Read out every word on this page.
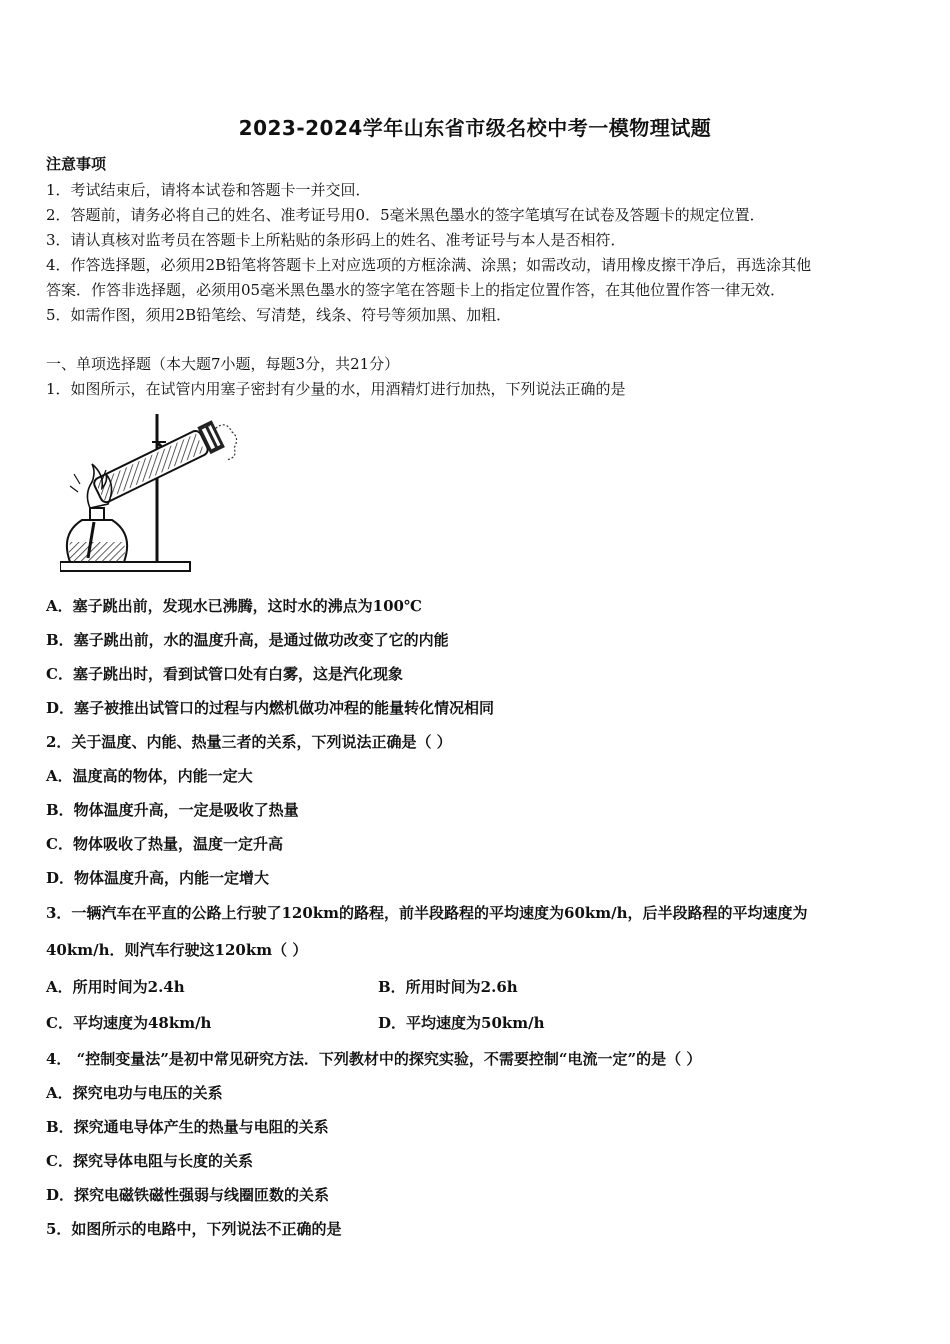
2023-2024学年山东省市级名校中考一模物理试题
注意事项
1．考试结束后，请将本试卷和答题卡一并交回．
2．答题前，请务必将自己的姓名、准考证号用0．5毫米黑色墨水的签字笔填写在试卷及答题卡的规定位置．
3．请认真核对监考员在答题卡上所粘贴的条形码上的姓名、准考证号与本人是否相符．
4．作答选择题，必须用2B铅笔将答题卡上对应选项的方框涂满、涂黑；如需改动，请用橡皮擦干净后，再选涂其他
答案．作答非选择题，必须用05毫米黑色墨水的签字笔在答题卡上的指定位置作答，在其他位置作答一律无效．
5．如需作图，须用2B铅笔绘、写清楚，线条、符号等须加黑、加粗．
一、单项选择题（本大题7小题，每题3分，共21分）
1．如图所示，在试管内用塞子密封有少量的水，用酒精灯进行加热，下列说法正确的是
A．塞子跳出前，发现水已沸腾，这时水的沸点为100℃
B．塞子跳出前，水的温度升高，是通过做功改变了它的内能
C．塞子跳出时，看到试管口处有白雾，这是汽化现象
D．塞子被推出试管口的过程与内燃机做功冲程的能量转化情况相同
2．关于温度、内能、热量三者的关系，下列说法正确是（ ）
A．温度高的物体，内能一定大
B．物体温度升高，一定是吸收了热量
C．物体吸收了热量，温度一定升高
D．物体温度升高，内能一定增大
3．一辆汽车在平直的公路上行驶了120km的路程，前半段路程的平均速度为60km/h，后半段路程的平均速度为
40km/h．则汽车行驶这120km（ ）
A．所用时间为2.4h	B．所用时间为2.6h
C．平均速度为48km/h	D．平均速度为50km/h
4． “控制变量法”是初中常见研究方法．下列教材中的探究实验，不需要控制“电流一定”的是（ ）
A．探究电功与电压的关系
B．探究通电导体产生的热量与电阻的关系
C．探究导体电阻与长度的关系
D．探究电磁铁磁性强弱与线圈匝数的关系
5．如图所示的电路中，下列说法不正确的是
